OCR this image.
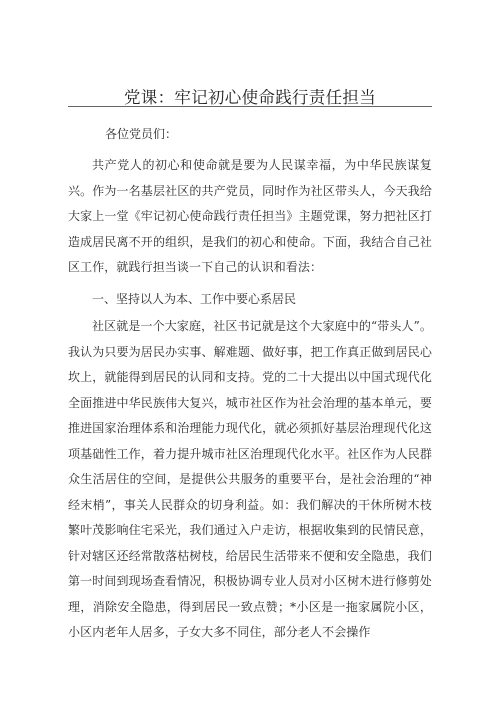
党课：牢记初心使命践行责任担当
各位党员们：
共产党人的初心和使命就是要为人民谋幸福，为中华民族谋复兴。作为一名基层社区的共产党员，同时作为社区带头人，今天我给大家上一堂《牢记初心使命践行责任担当》主题党课，努力把社区打造成居民离不开的组织，是我们的初心和使命。下面，我结合自己社区工作，就践行担当谈一下自己的认识和看法：
一、坚持以人为本、工作中要心系居民
社区就是一个大家庭，社区书记就是这个大家庭中的“带头人”。我认为只要为居民办实事、解难题、做好事，把工作真正做到居民心坎上，就能得到居民的认同和支持。党的二十大提出以中国式现代化全面推进中华民族伟大复兴，城市社区作为社会治理的基本单元，要推进国家治理体系和治理能力现代化，就必须抓好基层治理现代化这项基础性工作，着力提升城市社区治理现代化水平。社区作为人民群众生活居住的空间，是提供公共服务的重要平台，是社会治理的“神经末梢”，事关人民群众的切身利益。如：我们解决的干休所树木枝繁叶茂影响住宅采光，我们通过入户走访，根据收集到的民情民意，针对辖区还经常散落枯树枝，给居民生活带来不便和安全隐患，我们第一时间到现场查看情况，积极协调专业人员对小区树木进行修剪处理，消除安全隐患，得到居民一致点赞；*小区是一拖家属院小区，小区内老年人居多，子女大多不同住，部分老人不会操作
